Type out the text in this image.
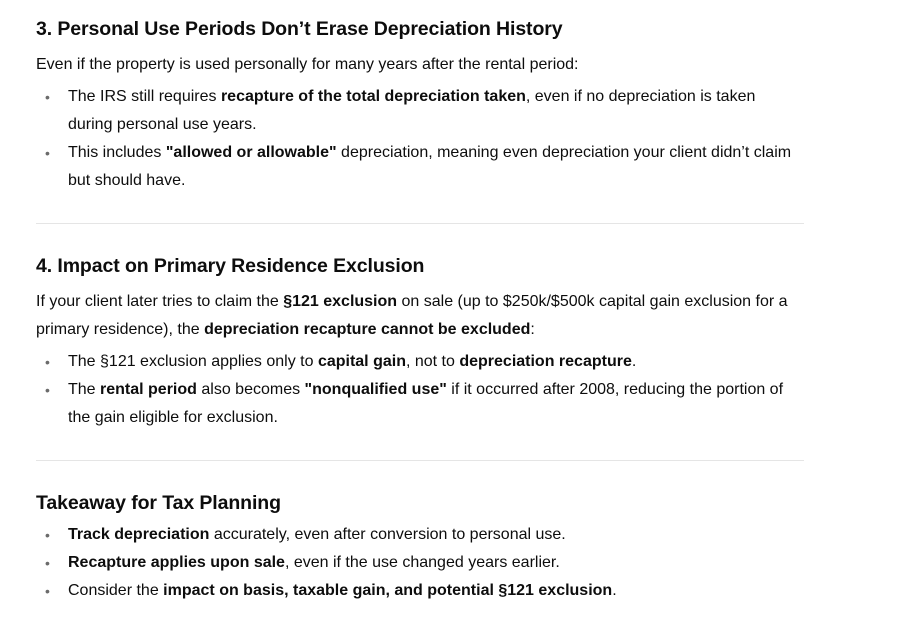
3. Personal Use Periods Don’t Erase Depreciation History

Even if the property is used personally for many years after the rental period:

• The IRS still requires recapture of the total depreciation taken, even if no depreciation is taken during personal use years.
• This includes "allowed or allowable" depreciation, meaning even depreciation your client didn’t claim but should have.
4. Impact on Primary Residence Exclusion

If your client later tries to claim the §121 exclusion on sale (up to $250k/$500k capital gain exclusion for a primary residence), the depreciation recapture cannot be excluded:

• The §121 exclusion applies only to capital gain, not to depreciation recapture.
• The rental period also becomes "nonqualified use" if it occurred after 2008, reducing the portion of the gain eligible for exclusion.
Takeaway for Tax Planning
• Track depreciation accurately, even after conversion to personal use.
• Recapture applies upon sale, even if the use changed years earlier.
• Consider the impact on basis, taxable gain, and potential §121 exclusion.
